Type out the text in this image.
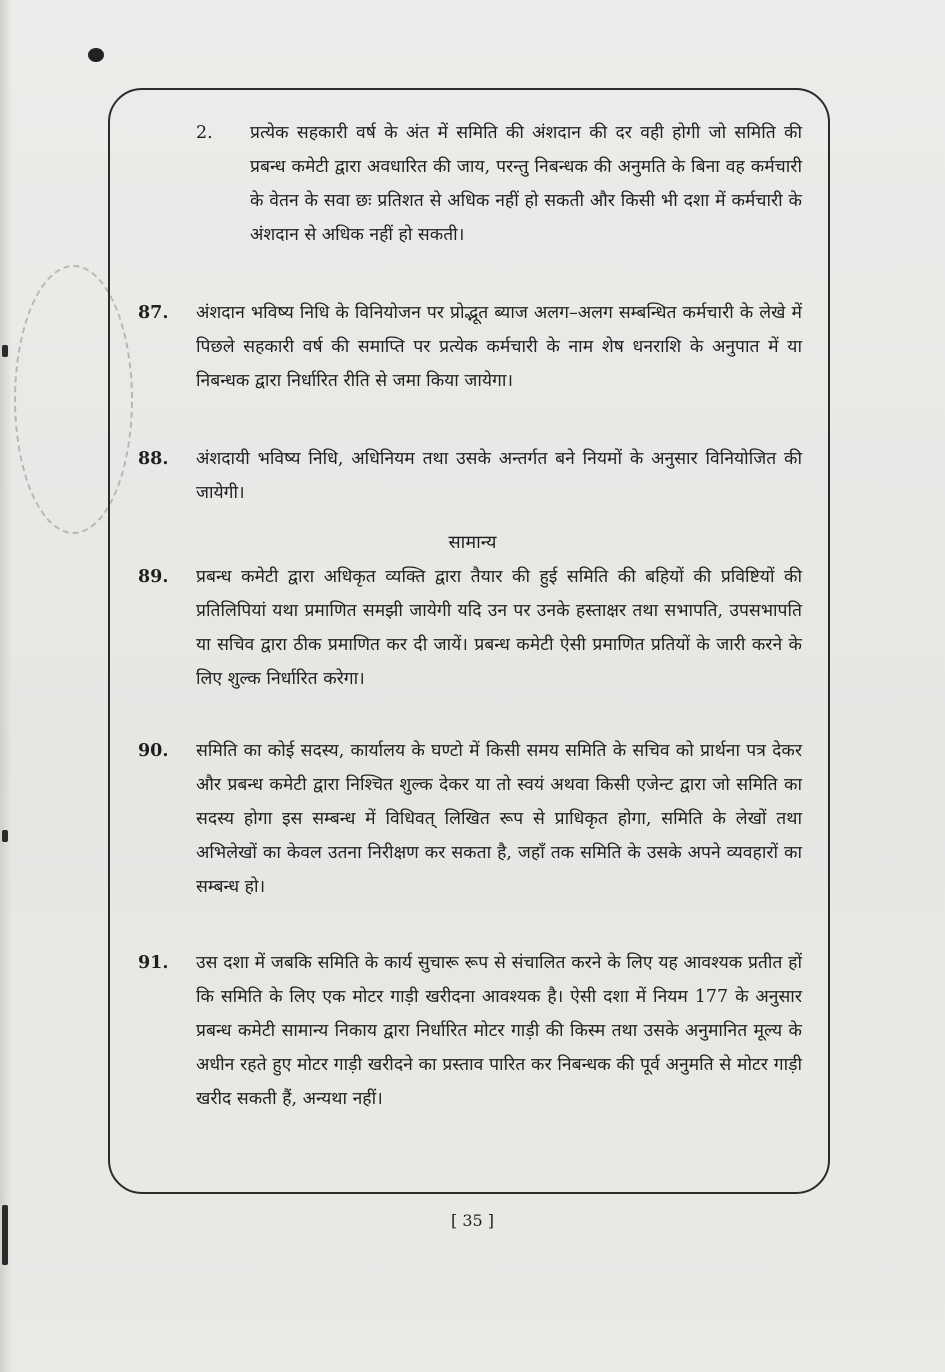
2. प्रत्येक सहकारी वर्ष के अंत में समिति की अंशदान की दर वही होगी जो समिति की प्रबन्ध कमेटी द्वारा अवधारित की जाय, परन्तु निबन्धक की अनुमति के बिना वह कर्मचारी के वेतन के सवा छः प्रतिशत से अधिक नहीं हो सकती और किसी भी दशा में कर्मचारी के अंशदान से अधिक नहीं हो सकती।
87. अंशदान भविष्य निधि के विनियोजन पर प्रोद्भूत ब्याज अलग–अलग सम्बन्धित कर्मचारी के लेखे में पिछले सहकारी वर्ष की समाप्ति पर प्रत्येक कर्मचारी के नाम शेष धनराशि के अनुपात में या निबन्धक द्वारा निर्धारित रीति से जमा किया जायेगा।
88. अंशदायी भविष्य निधि, अधिनियम तथा उसके अन्तर्गत बने नियमों के अनुसार विनियोजित की जायेगी।
सामान्य
89. प्रबन्ध कमेटी द्वारा अधिकृत व्यक्ति द्वारा तैयार की हुई समिति की बहियों की प्रविष्टियों की प्रतिलिपियां यथा प्रमाणित समझी जायेगी यदि उन पर उनके हस्ताक्षर तथा सभापति, उपसभापति या सचिव द्वारा ठीक प्रमाणित कर दी जायें। प्रबन्ध कमेटी ऐसी प्रमाणित प्रतियों के जारी करने के लिए शुल्क निर्धारित करेगा।
90. समिति का कोई सदस्य, कार्यालय के घण्टो में किसी समय समिति के सचिव को प्रार्थना पत्र देकर और प्रबन्ध कमेटी द्वारा निश्चित शुल्क देकर या तो स्वयं अथवा किसी एजेन्ट द्वारा जो समिति का सदस्य होगा इस सम्बन्ध में विधिवत् लिखित रूप से प्राधिकृत होगा, समिति के लेखों तथा अभिलेखों का केवल उतना निरीक्षण कर सकता है, जहाँ तक समिति के उसके अपने व्यवहारों का सम्बन्ध हो।
91. उस दशा में जबकि समिति के कार्य सुचारू रूप से संचालित करने के लिए यह आवश्यक प्रतीत हों कि समिति के लिए एक मोटर गाड़ी खरीदना आवश्यक है। ऐसी दशा में नियम 177 के अनुसार प्रबन्ध कमेटी सामान्य निकाय द्वारा निर्धारित मोटर गाड़ी की किस्म तथा उसके अनुमानित मूल्य के अधीन रहते हुए मोटर गाड़ी खरीदने का प्रस्ताव पारित कर निबन्धक की पूर्व अनुमति से मोटर गाड़ी खरीद सकती हैं, अन्यथा नहीं।
[ 35 ]
